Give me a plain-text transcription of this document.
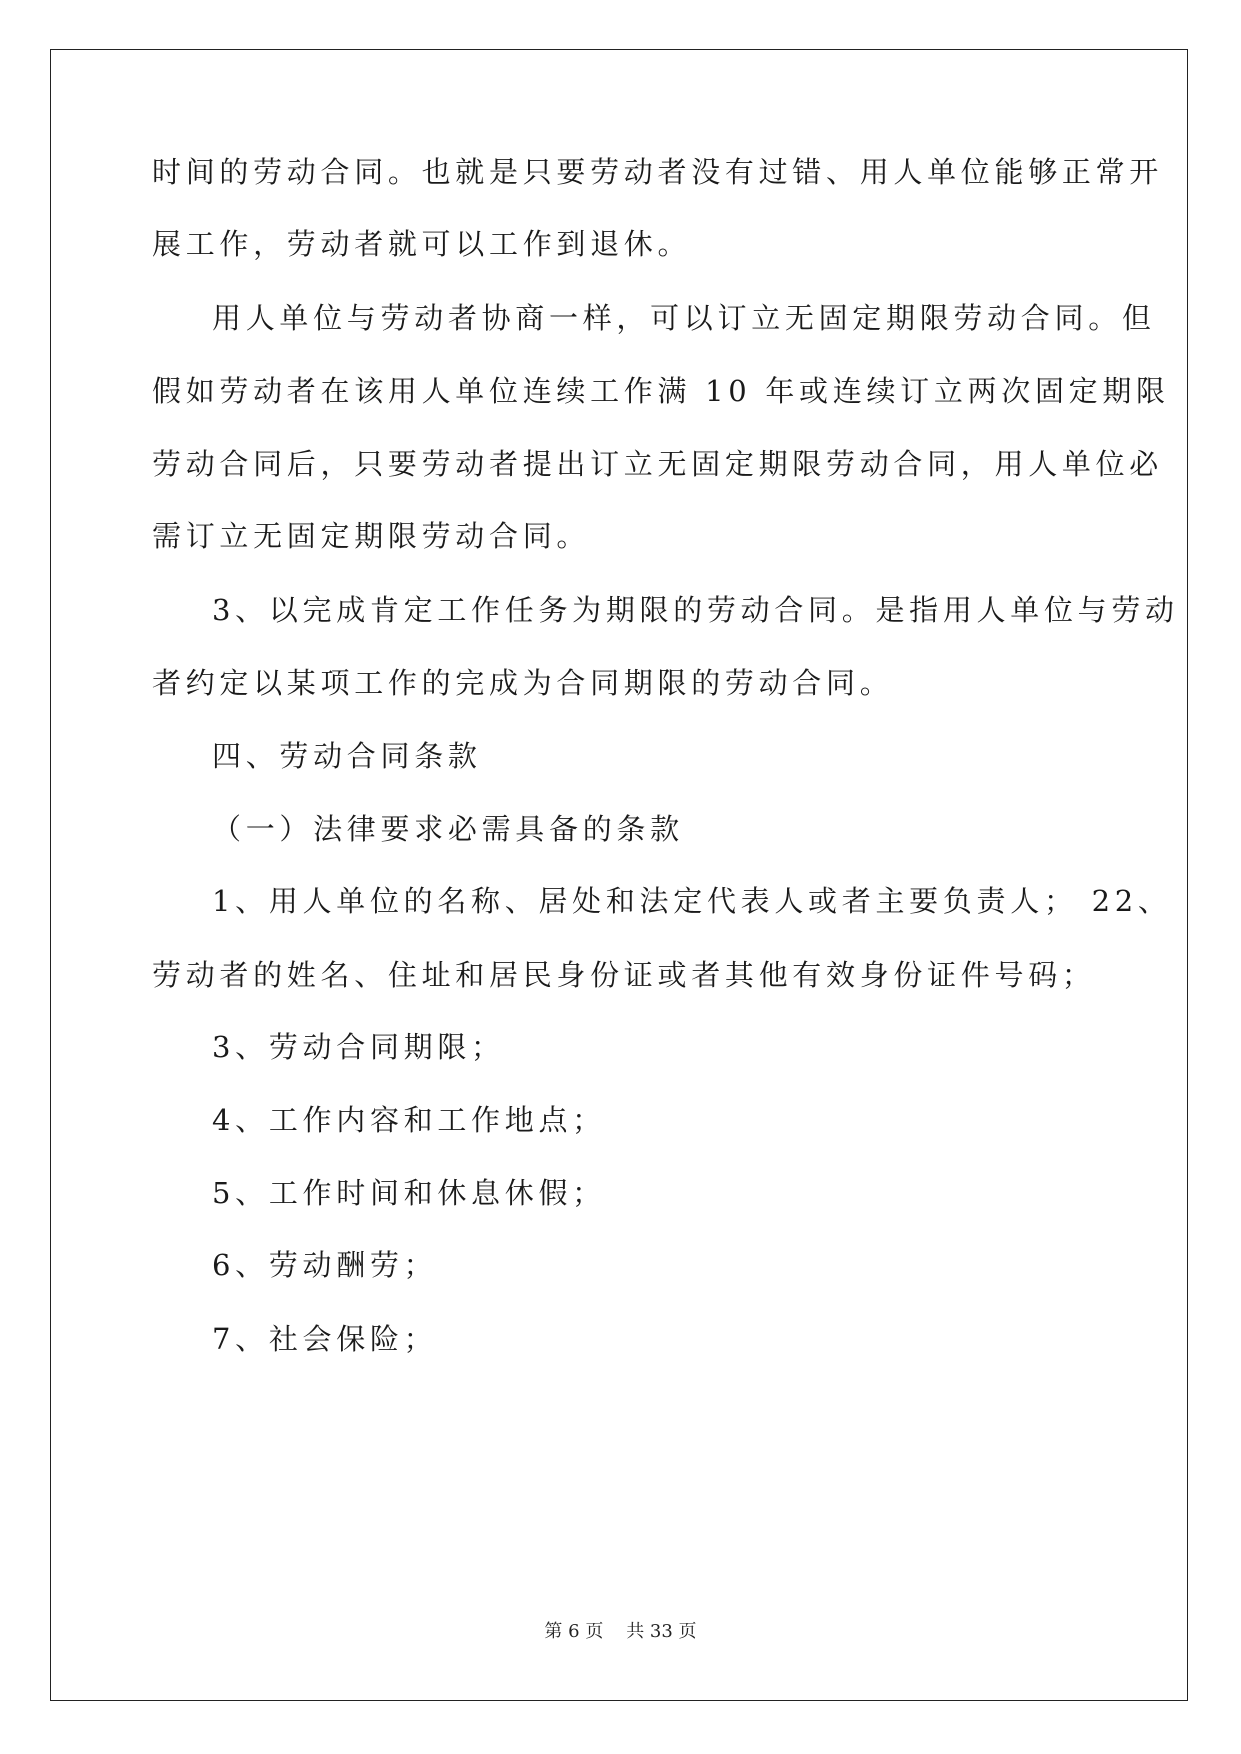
时间的劳动合同。也就是只要劳动者没有过错、用人单位能够正常开

展工作，劳动者就可以工作到退休。

用人单位与劳动者协商一样，可以订立无固定期限劳动合同。但

假如劳动者在该用人单位连续工作满 10 年或连续订立两次固定期限

劳动合同后，只要劳动者提出订立无固定期限劳动合同，用人单位必

需订立无固定期限劳动合同。

3、以完成肯定工作任务为期限的劳动合同。是指用人单位与劳动

者约定以某项工作的完成为合同期限的劳动合同。

四、劳动合同条款

（一）法律要求必需具备的条款

1、用人单位的名称、居处和法定代表人或者主要负责人； 22、

劳动者的姓名、住址和居民身份证或者其他有效身份证件号码；

3、劳动合同期限；

4、工作内容和工作地点；

5、工作时间和休息休假；

6、劳动酬劳；

7、社会保险；

第 6 页    共 33 页
